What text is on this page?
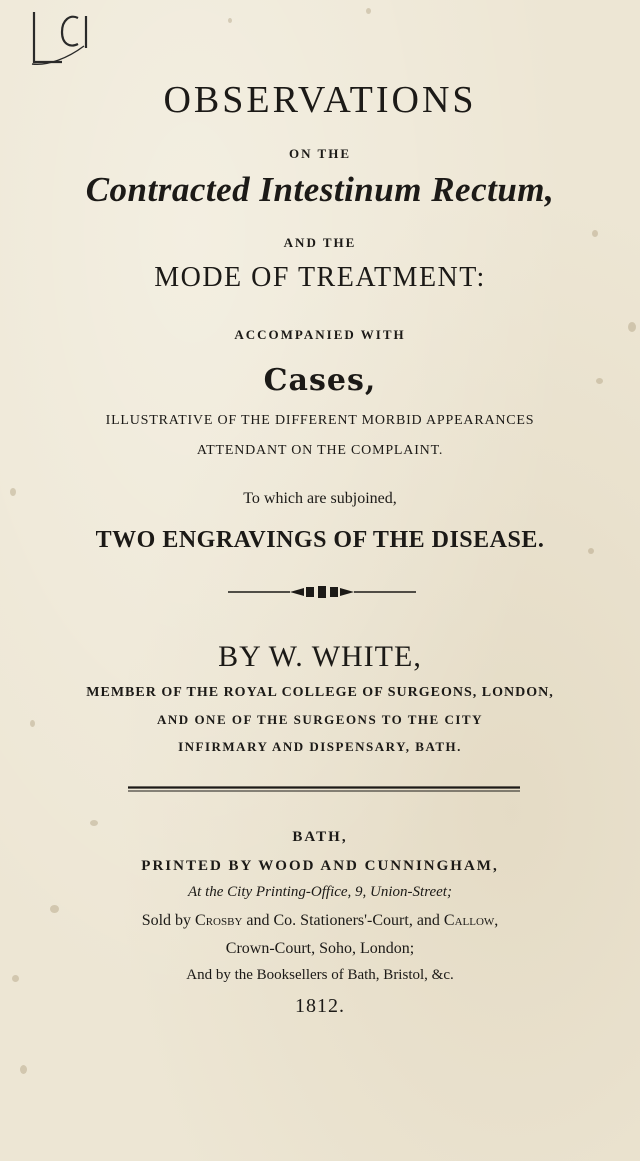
OBSERVATIONS
ON THE
Contracted Intestinum Rectum,
AND THE
MODE OF TREATMENT:
ACCOMPANIED WITH
Cases,
ILLUSTRATIVE OF THE DIFFERENT MORBID APPEARANCES
ATTENDANT ON THE COMPLAINT.
To which are subjoined,
TWO ENGRAVINGS OF THE DISEASE.
BY W. WHITE,
MEMBER OF THE ROYAL COLLEGE OF SURGEONS, LONDON,
AND ONE OF THE SURGEONS TO THE CITY
INFIRMARY AND DISPENSARY, BATH.
BATH,
PRINTED BY WOOD AND CUNNINGHAM,
At the City Printing-Office, 9, Union-Street;
Sold by Crosby and Co. Stationers'-Court, and Callow,
Crown-Court, Soho, London;
And by the Booksellers of Bath, Bristol, &c.
1812.
